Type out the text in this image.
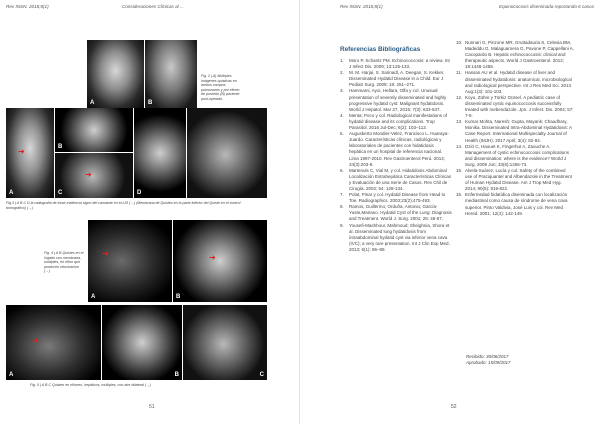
Rev INSN. 2018;8(1)	Consideraciones Clínicas al ...
A	B
Fig. 2 | A) Múltiples imágenes quísticas en ambos campos pulmonares y por efecto de posición (B) paciente post-operado.
➜
A
B
➜
C	D
Fig.3 | A B C D la radiografía de tórax evidencia signo del camalote en el LID (→) (Membrana de Quistes en la parte inferior del Quiste en el control tomográfico) (→)
Fig. 4 | A B Quistes en el hígado con membrana, múltiples, en riñon que producen íntoxicación (→)
➜
A
➜
B
➜
A	B	C
Fig. 5 | A B C Quistes en riñones, hepáticos, múltiples, con aire bilateral (→)
51
Rev INSN. 2018;8(1)	Equinococosis diseminada reportando 6 casos
52
Referencias Bibliográficas
1. Moro P, Schantz PM. Echinococcosis: a review. Int J Infect Dis. 2009; 13:125-133.
2. M. M. Harjai, S. Sarinadl, A. Deegan, S. Kekker. Disseminated Hydatid Disease in a Child. Eur J Pediatr Surg. 2009; 19: 251–271.
3. Hammami, Ayoi, Hellara, Olfa y col. Unusual presentation of severely disseminated and highly progressive hydatid cyst: Malignant hydatidosis. World J Hepatol. Mar 27, 2015; 7(3): 633-637.
4. Menta; Poco y col. Radiological manifestations of hydatid disease and its complications. Trop Parasitol. 2016 Jul-Dec; 6(2): 103–112.
5. Augusberto Mondier-Velez, Francisco L. Huaraya-Juardo. Características clínicas, radiológicas y laboratoriales de pacientes con hidatidosis hepática en un hospital de referencia nacional. Lima 1997-2010. Rev Gastroenterol Perú. 2014; 34(3):203-9.
6. Martenuls C, Vial M, y col. Hidatidosis Abdominal Localización Extrahepática Características Clínicas y Evaluación de una Serie de Casos. Rev Chil de Cirugía. 2002; 54: 128-134.
7. Polat, Pinar y col. Hydatid Disease from Head to Toe. Radiographics. 2003;23(2):475-493.
8. Ramos, Guillermo; Orduña, Antonio; García-Yuste,Mariano. Hydatid Cyst of the Lung: Diagnosis and Treatment. World J. Surg. 2001; 25: 46-57.
9. Yousefi-Mashhour, Mahmoud; Sheighnia, Shora et al. Disseminated lung hydatidosis from intraabdominal hydatid cyst via inferior vena cava (IVC); a very rare presentation. Int J Clin Exp Med. 2013; 6(1): 86–89.
10. Nunnari G, Pinzone MR, Gruttadauria S, Celesia BM, Madeddu G, Malaguarnera G, Pavone P, Cappellani A, Cacopardo B. Hepatic echinococcosis: clinical and therapeutic aspects. World J Gastroenterol. 2012; 18:1448-1458.
11. Hassan AU et al. Hydatid disease of liver and disseminated hydatidosis: anatomical, microbiological and radiological perspective. Int J Res Med Sci. 2013 Aug;1(3): 101-103.
12. Koyo, Zühre y Türkiz Gürsel. A pediatric case of disseminated cystic equinococcosis successfully treated with mebendazole. Jpn. J Infect. Dis. 2004; 57: 7-9.
13. Kumar Mohta, Naresh; Gupta, Mayank; Chaudhary, Monika. Disseminated Intra-Abdominal Hydatidosis: A Case Report. International Multispecialty Journal of Health (IMJH). 2017 April; 3(4): 82-84.
14. Dziri C, Haouet K, Fingerhut A, Zaouche A. Management of cystic echinococcosis complications and dissemination: where is the evidence? World J Surg. 2009 Jun; 33(6):1266-73.
15. Alvela-Suárez, Lucía y col. Safety of the combined use of Praziquantel and Albendazole in the Treatment of Human Hydatid Disease. Am J Trop Med Hyg. 2014; 90(5): 819-822.
16. Enfermedad hidatídica diseminada con localización mediastinal como causa de síndrome de vena cava superior. Pinto Valdivia, José Luis y col. Rev Med Hered. 2001; 12(4): 142-149.
Recibido: 30/06/2017
Aprobado: 15/09/2017
